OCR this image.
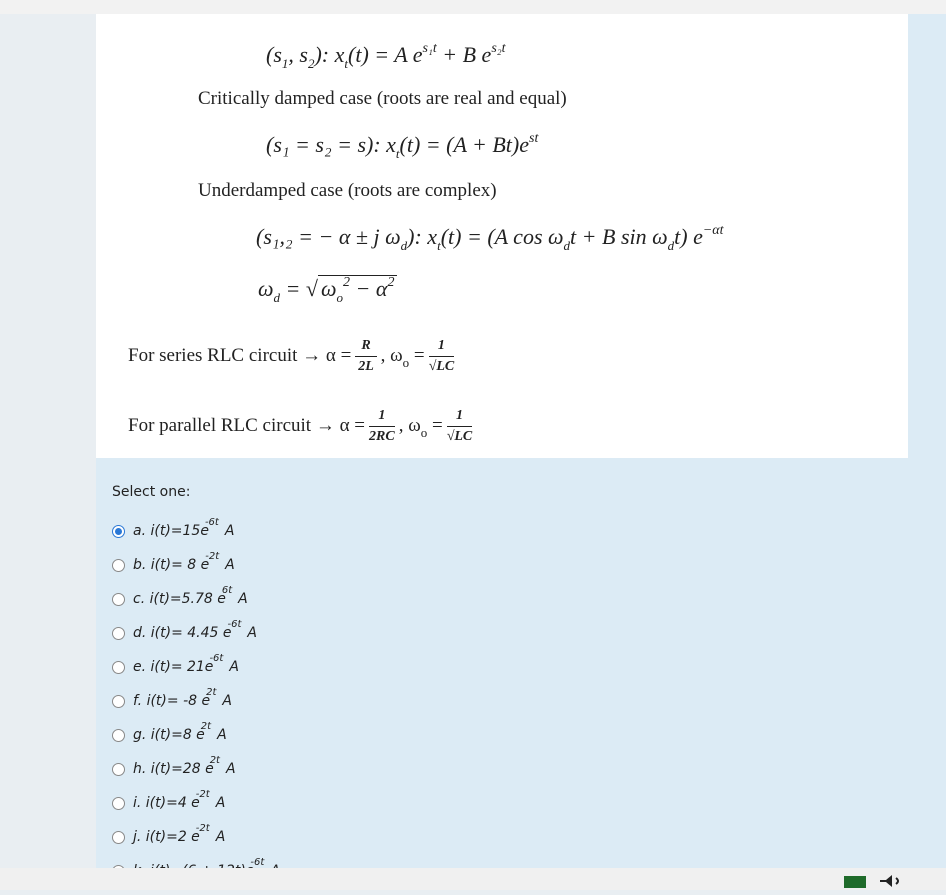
($s_1$, $s_2$): $x_t(t) = A$ $e^{s_1t} + B$ $e^{s_2t}$
Critically damped case (roots are real and equal)
(s₁ = s₂ = s): $x_t(t) = (A + Bt)e^{st}$
Underdamped case (roots are complex)
(s₁,₂ = − α ± j $\omega_d$): $x_t(t) = (A$ $\cos \omega_dt + B$ $\sin \omega_dt$) $e^{-\alpha t}$
$\omega_d$ = √ $\omega_o^2 - \alpha^2$
For series RLC circuit → $\alpha = \frac{R}{2L}$ , $\omega_o = \frac{1}{√LC}$
For parallel RLC circuit → $\alpha = \frac{1}{2RC}$ , $\omega_o = \frac{1}{√LC}$
Select one:
a. i(t)=15e
-6t
A
b. i(t)= 8 e
-2t
A
c. i(t)=5.78 e
6t
A
d. i(t)= 4.45 e
-6t
A
e. i(t)= 21e
-6t
A
f. i(t)= -8 e
2t
A
g. i(t)=8 e
2t
A
h. i(t)=28 e
2t
A
i. i(t)=4 e
-2t
A
j. i(t)=2 e
-2t
A
-6t
